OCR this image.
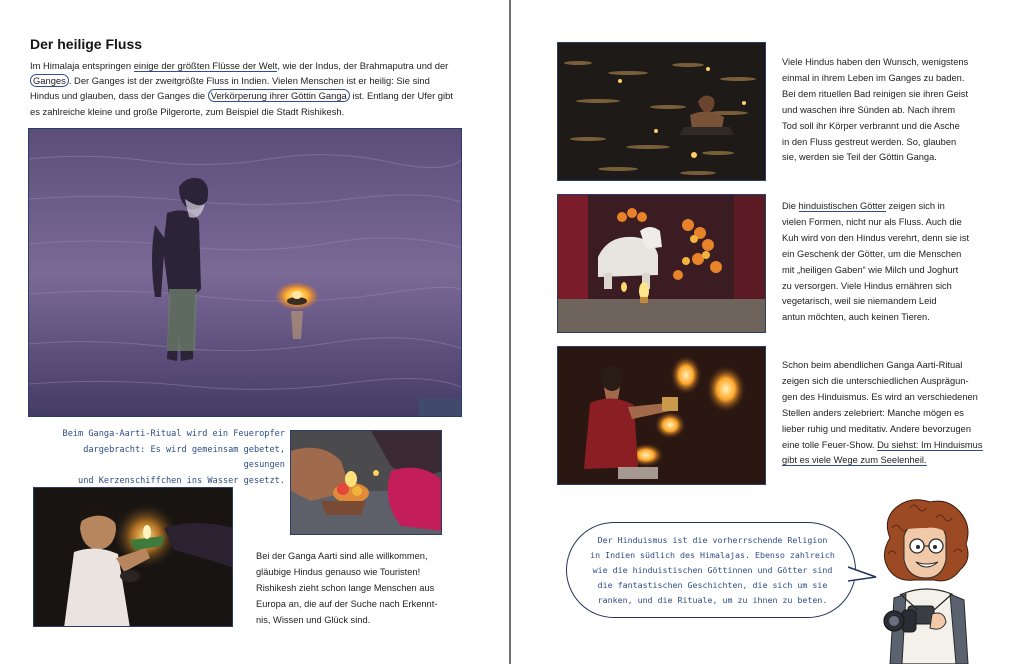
Der heilige Fluss
Im Himalaja entspringen einige der größten Flüsse der Welt, wie der Indus, der Brahmaputra und der Ganges . Der Ganges ist der zweitgrößte Fluss in Indien. Vielen Menschen ist er heilig: Sie sind Hindus und glauben, dass der Ganges die Verkörperung ihrer Göttin Ganga ist. Entlang der Ufer gibt es zahlreiche kleine und große Pilgerorte, zum Beispiel die Stadt Rishikesh.
Beim Ganga-Aarti-Ritual wird ein Feueropfer
dargebracht: Es wird gemeinsam gebetet, gesungen
und Kerzenschiffchen ins Wasser gesetzt.
Bei der Ganga Aarti sind alle willkommen,
gläubige Hindus genauso wie Touristen!
Rishikesh zieht schon lange Menschen aus
Europa an, die auf der Suche nach Erkennt-
nis, Wissen und Glück sind.
Viele Hindus haben den Wunsch, wenigstens
einmal in ihrem Leben im Ganges zu baden.
Bei dem rituellen Bad reinigen sie ihren Geist
und waschen ihre Sünden ab. Nach ihrem
Tod soll ihr Körper verbrannt und die Asche
in den Fluss gestreut werden. So, glauben
sie, werden sie Teil der Göttin Ganga.
Die hinduistischen Götter zeigen sich in
vielen Formen, nicht nur als Fluss. Auch die
Kuh wird von den Hindus verehrt, denn sie ist
ein Geschenk der Götter, um die Menschen
mit „heiligen Gaben“ wie Milch und Joghurt
zu versorgen. Viele Hindus ernähren sich
vegetarisch, weil sie niemandem Leid
antun möchten, auch keinen Tieren.
Schon beim abendlichen Ganga Aarti-Ritual
zeigen sich die unterschiedlichen Ausprägun-
gen des Hinduismus. Es wird an verschiedenen
Stellen anders zelebriert: Manche mögen es
lieber ruhig und meditativ. Andere bevorzugen
eine tolle Feuer-Show. Du siehst: Im Hinduismus
gibt es viele Wege zum Seelenheil.
Der Hinduismus ist die vorherrschende Religion
in Indien südlich des Himalajas. Ebenso zahlreich
wie die hinduistischen Göttinnen und Götter sind
die fantastischen Geschichten, die sich um sie
ranken, und die Rituale, um zu ihnen zu beten.
